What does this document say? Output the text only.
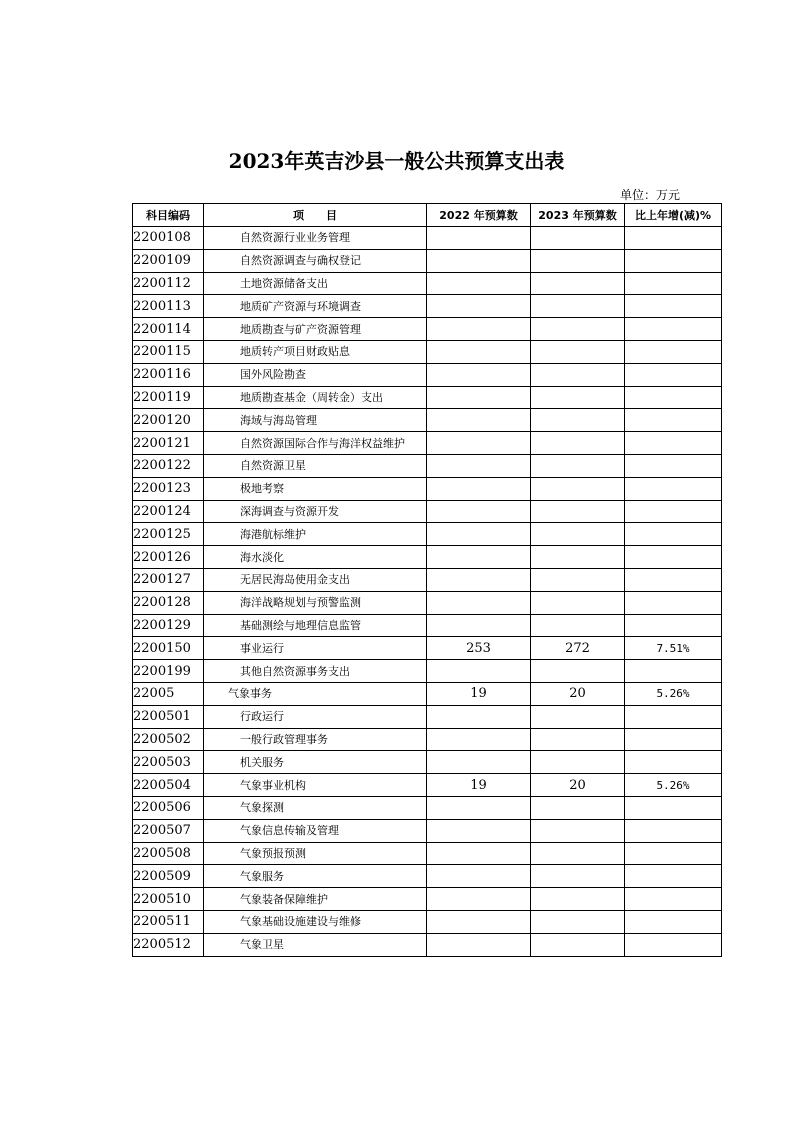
2023年英吉沙县一般公共预算支出表
单位：万元
科目编码	项　　目	2022 年预算数	2023 年预算数	比上年增(减)%
2200108	自然资源行业业务管理			
2200109	自然资源调查与确权登记			
2200112	土地资源储备支出			
2200113	地质矿产资源与环境调查			
2200114	地质勘查与矿产资源管理			
2200115	地质转产项目财政贴息			
2200116	国外风险勘查			
2200119	地质勘查基金（周转金）支出			
2200120	海域与海岛管理			
2200121	自然资源国际合作与海洋权益维护			
2200122	自然资源卫星			
2200123	极地考察			
2200124	深海调查与资源开发			
2200125	海港航标维护			
2200126	海水淡化			
2200127	无居民海岛使用金支出			
2200128	海洋战略规划与预警监测			
2200129	基础测绘与地理信息监管			
2200150	事业运行	253	272	7.51%
2200199	其他自然资源事务支出			
22005	气象事务	19	20	5.26%
2200501	行政运行			
2200502	一般行政管理事务			
2200503	机关服务			
2200504	气象事业机构	19	20	5.26%
2200506	气象探测			
2200507	气象信息传输及管理			
2200508	气象预报预测			
2200509	气象服务			
2200510	气象装备保障维护			
2200511	气象基础设施建设与维修			
2200512	气象卫星			
